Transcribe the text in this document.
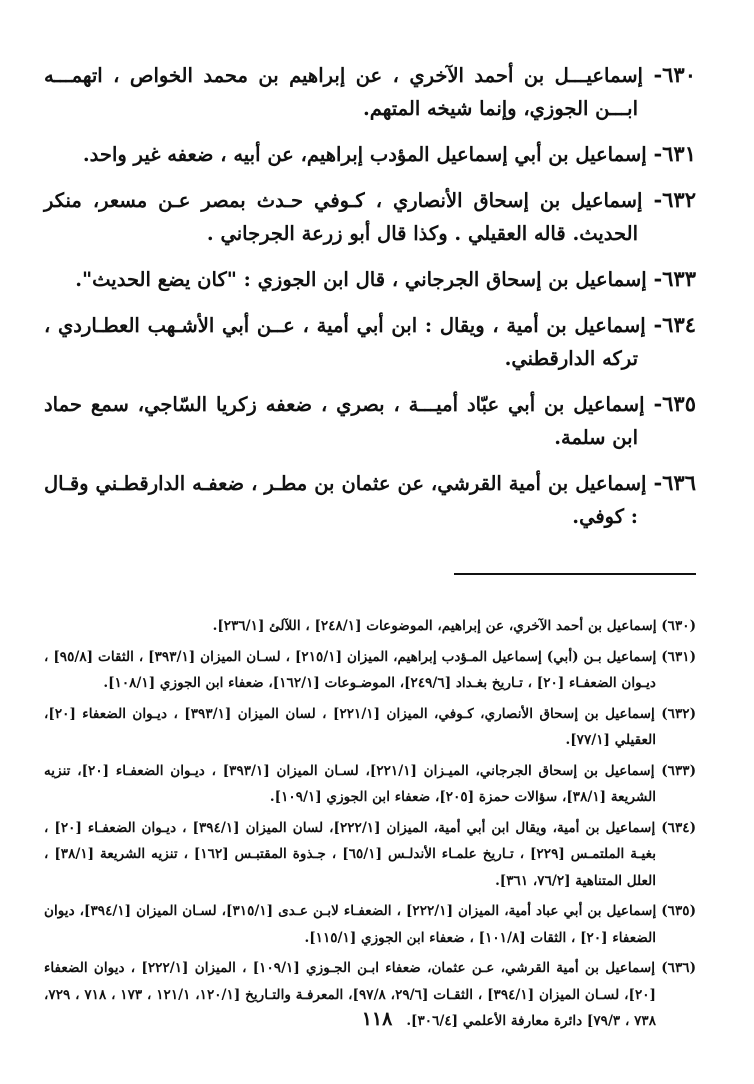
٦٣٠- إسماعيـــل بن أحمد الآخري ، عن إبراهيم بن محمد الخواص ، اتهمـــه ابـــن الجوزي، وإنما شيخه المتهم.

٦٣١- إسماعيل بن أبي إسماعيل المؤدب إبراهيم، عن أبيه ، ضعفه غير واحد.

٦٣٢- إسماعيل بن إسحاق الأنصاري ، كـوفي حـدث بمصر عـن مسعر، منكر الحديث. قاله العقيلي . وكذا قال أبو زرعة الجرجاني .

٦٣٣- إسماعيل بن إسحاق الجرجاني ، قال ابن الجوزي : "كان يضع الحديث".

٦٣٤- إسماعيل بن أمية ، ويقال : ابن أبي أمية ، عــن أبي الأشـهب العطـاردي ، تركه الدارقطني.

٦٣٥- إسماعيل بن أبي عبّاد أميـــة ، بصري ، ضعفه زكريا السّاجي، سمع حماد ابن سلمة.

٦٣٦- إسماعيل بن أمية القرشي، عن عثمان بن مطـر ، ضعفـه الدارقطـني وقـال : كوفي.

(٦٣٠) إسماعيل بن أحمد الآخري، عن إبراهيم، الموضوعات [٢٤٨/١] ، اللآلئ [٢٣٦/١].

(٦٣١) إسماعيل بـن (أبي) إسماعيل المـؤدب إبراهيم، الميزان [٢١٥/١] ، لسـان الميزان [٣٩٣/١] ، الثقات [٩٥/٨] ، ديـوان الضعفـاء [٢٠] ، تـاريخ بغـداد [٢٤٩/٦]، الموضـوعات [١٦٢/١]، ضعفاء ابن الجوزي [١٠٨/١].

(٦٣٢) إسماعيل بن إسحاق الأنصاري، كـوفي، الميزان [٢٢١/١] ، لسان الميزان [٣٩٣/١] ، ديـوان الضعفاء [٢٠]، العقيلي [٧٧/١].

(٦٣٣) إسماعيل بن إسحاق الجرجاني، الميـزان [٢٢١/١]، لسـان الميزان [٣٩٣/١] ، ديـوان الضعفـاء [٢٠]، تنزيه الشريعة [٣٨/١]، سؤالات حمزة [٢٠٥]، ضعفاء ابن الجوزي [١٠٩/١].

(٦٣٤) إسماعيل بن أمية، ويقال ابن أبي أمية، الميزان [٢٢٢/١]، لسان الميزان [٣٩٤/١] ، ديـوان الضعفـاء [٢٠] ، بغيـة الملتمـس [٢٢٩] ، تـاريخ علمـاء الأندلـس [٦٥/١] ، جـذوة المقتبـس [١٦٢] ، تنزيه الشريعة [٣٨/١] ، العلل المتناهية [٧٦/٢، ٣٦١].

(٦٣٥) إسماعيل بن أبي عباد أمية، الميزان [٢٢٢/١] ، الضعفـاء لابـن عـدى [٣١٥/١]، لسـان الميزان [٣٩٤/١]، ديوان الضعفاء [٢٠] ، الثقات [١٠١/٨] ، ضعفاء ابن الجوزي [١١٥/١].

(٦٣٦) إسماعيل بن أمية القرشي، عـن عثمان، ضعفاء ابـن الجـوزي [١٠٩/١] ، الميزان [٢٢٢/١] ، ديوان الضعفاء [٢٠]، لسـان الميزان [٣٩٤/١] ، الثقـات [٢٩/٦، ٩٧/٨]، المعرفـة والتـاريخ [١٢٠/١، ١٢١/١ ، ١٧٣ ، ٧١٨ ، ٧٢٩، ٧٣٨ ، ٧٩/٣] دائرة معارفة الأعلمي [٣٠٦/٤].

١١٨
